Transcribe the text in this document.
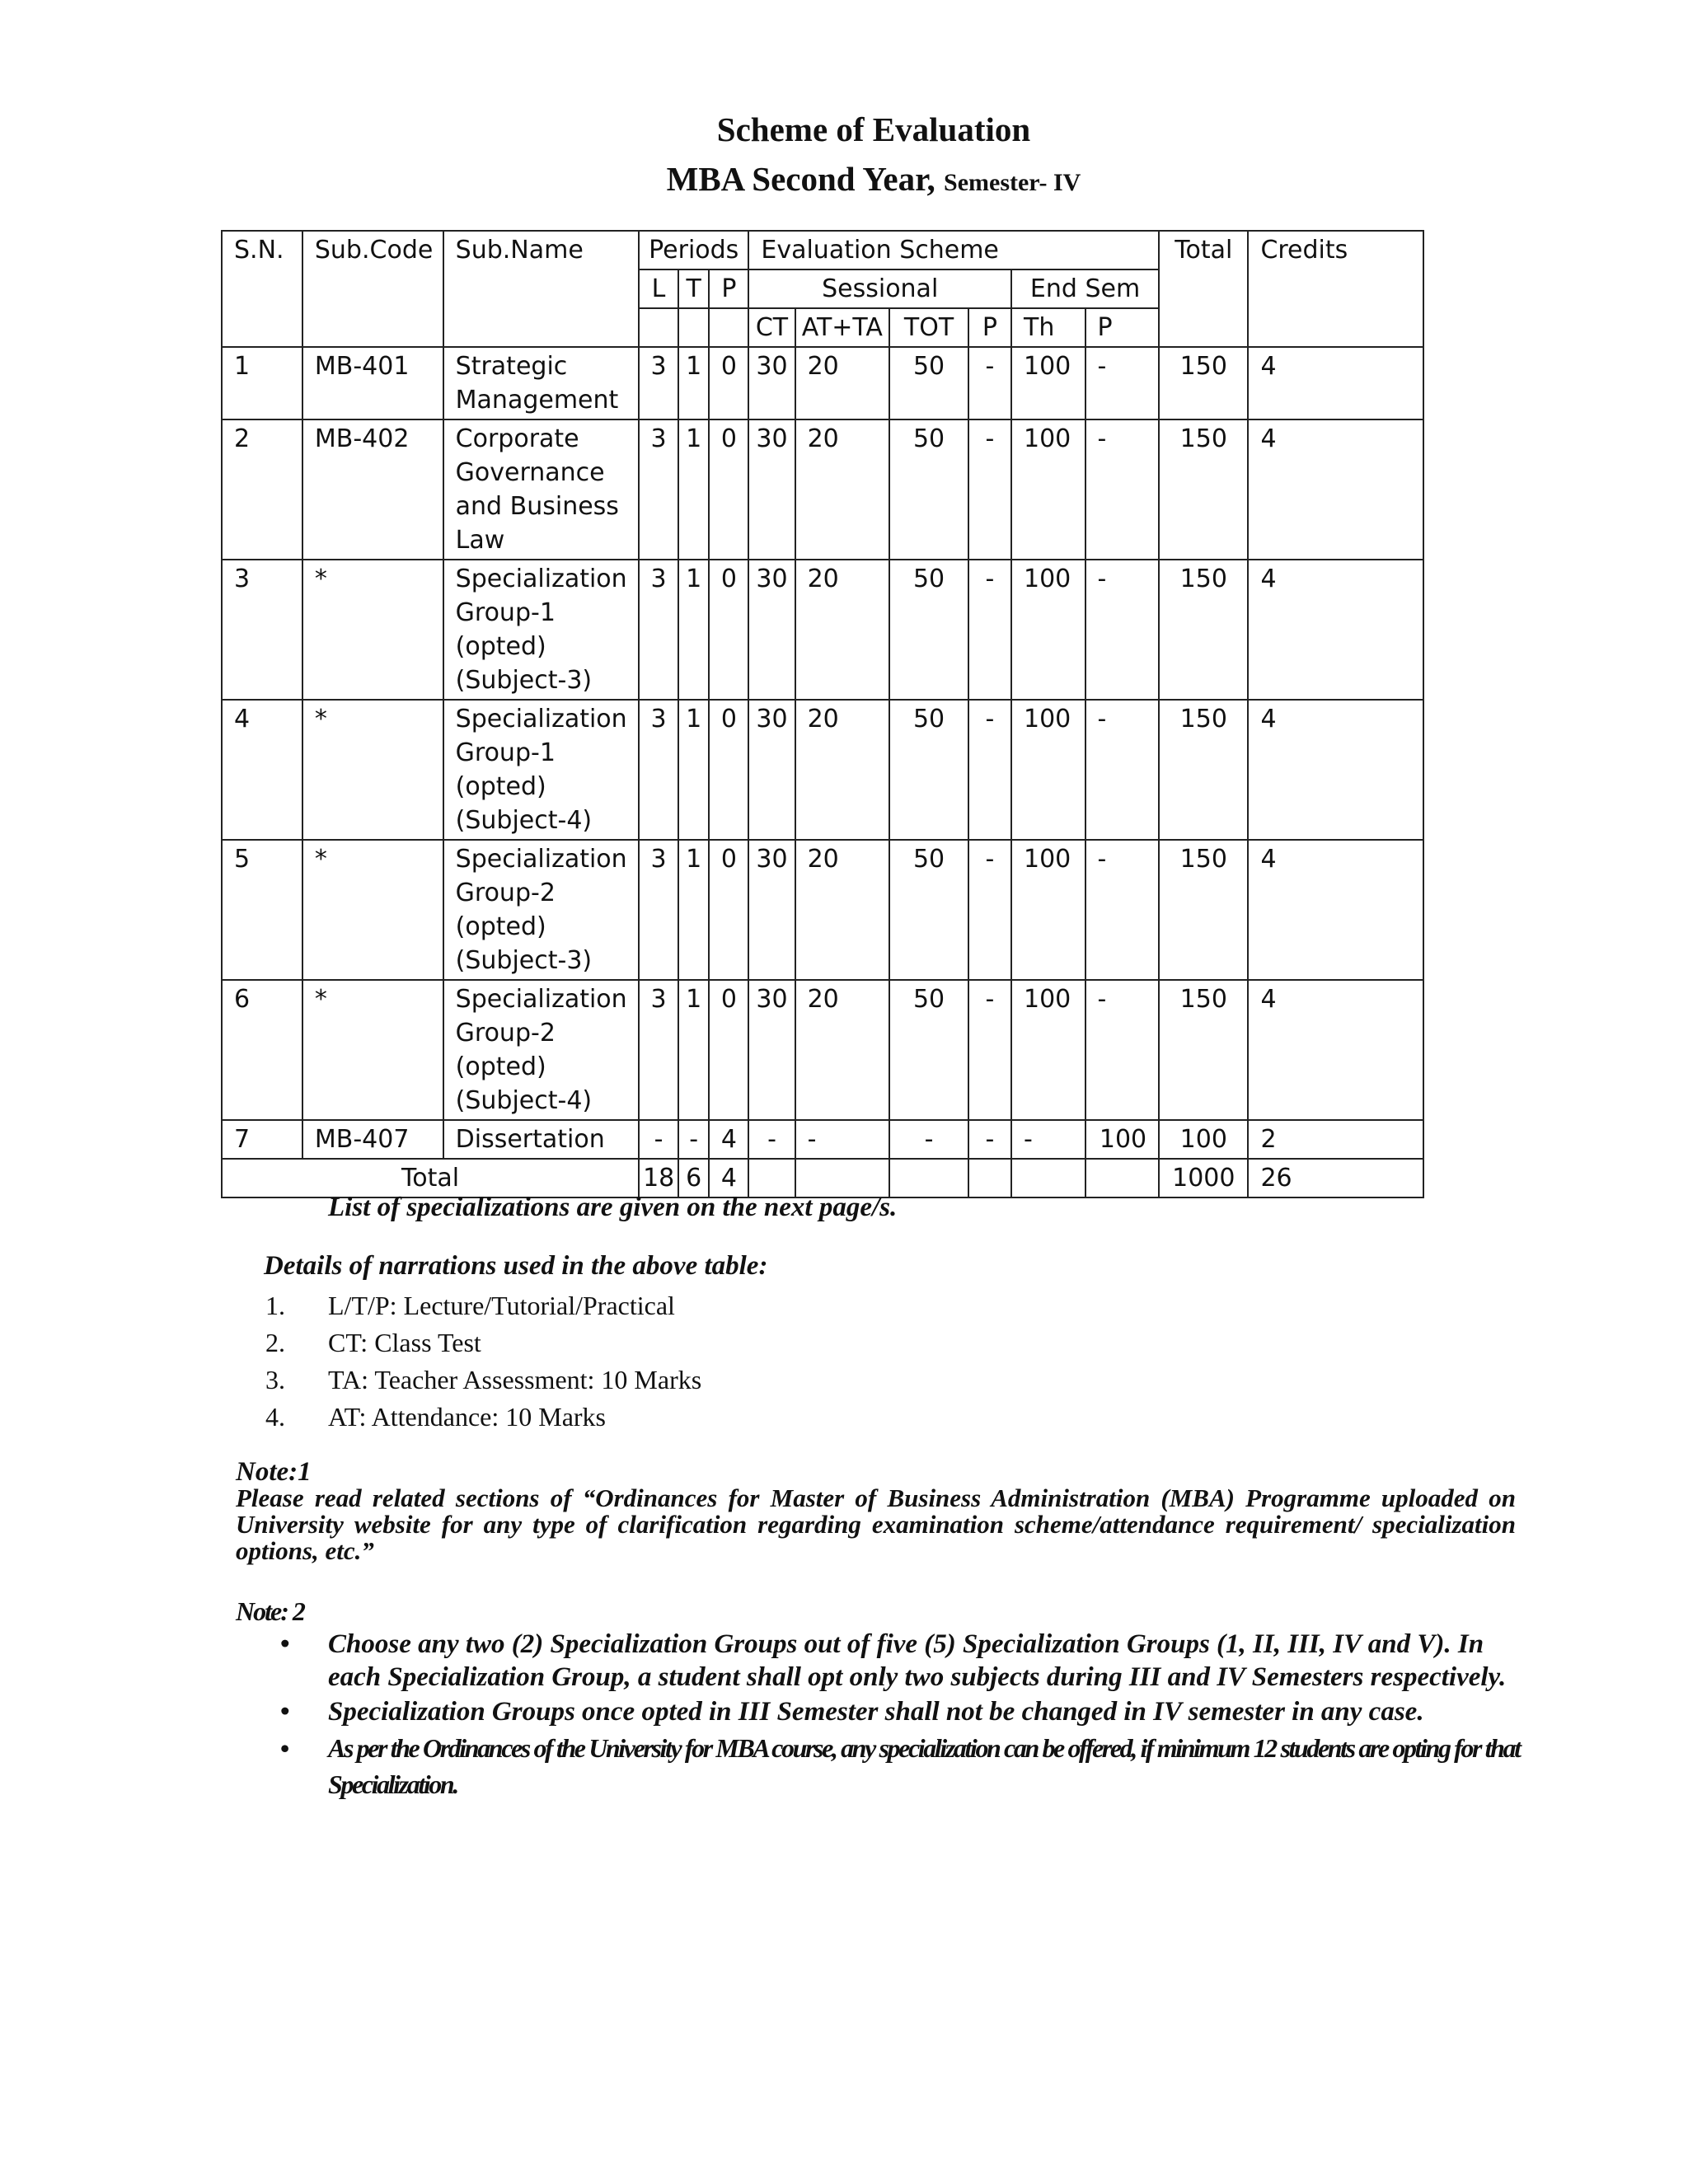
Scheme of Evaluation
MBA Second Year, Semester- IV
S.N.	Sub.Code	Sub.Name	Periods			Evaluation Scheme						Total	Credits
			L	T	P	Sessional				End Sem			
						CT	AT+TA	TOT	P	Th	P		
1	MB-401	Strategic Management	3	1	0	30	20	50	-	100	-	150	4
2	MB-402	Corporate Governance and Business Law	3	1	0	30	20	50	-	100	-	150	4
3	*	Specialization Group-1 (opted) (Subject-3)	3	1	0	30	20	50	-	100	-	150	4
4	*	Specialization Group-1 (opted) (Subject-4)	3	1	0	30	20	50	-	100	-	150	4
5	*	Specialization Group-2 (opted) (Subject-3)	3	1	0	30	20	50	-	100	-	150	4
6	*	Specialization Group-2 (opted) (Subject-4)	3	1	0	30	20	50	-	100	-	150	4
7	MB-407	Dissertation	-	-	4	-	-	-	-	-	100	100	2
Total			18	6	4							1000	26
List of specializations are given on the next page/s.
Details of narrations used in the above table:
1. L/T/P: Lecture/Tutorial/Practical
2. CT: Class Test
3. TA: Teacher Assessment: 10 Marks
4. AT: Attendance: 10 Marks
Note:1
Please read related sections of “Ordinances for Master of Business Administration (MBA) Programme uploaded on University website for any type of clarification regarding examination scheme/attendance requirement/ specialization options, etc.”
Note: 2
• Choose any two (2) Specialization Groups out of five (5) Specialization Groups (1, II, III, IV and V). In each Specialization Group, a student shall opt only two subjects during III and IV Semesters respectively.
• Specialization Groups once opted in III Semester shall not be changed in IV semester in any case.
• As per the Ordinances of the University for MBA course, any specialization can be offered, if minimum 12 students are opting for that Specialization.
